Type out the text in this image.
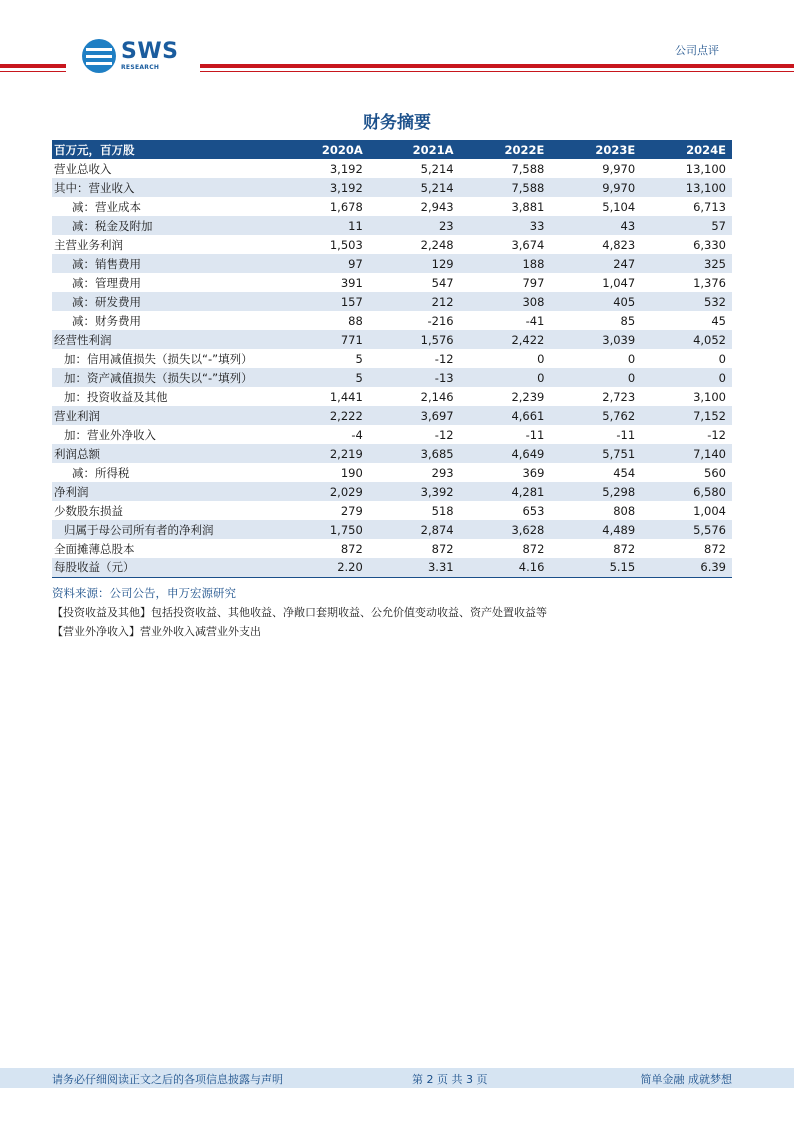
SWS
RESEARCH
公司点评
财务摘要
百万元，百万股	2020A	2021A	2022E	2023E	2024E
营业总收入	3,192	5,214	7,588	9,970	13,100
其中：营业收入	3,192	5,214	7,588	9,970	13,100
减：营业成本	1,678	2,943	3,881	5,104	6,713
减：税金及附加	11	23	33	43	57
主营业务利润	1,503	2,248	3,674	4,823	6,330
减：销售费用	97	129	188	247	325
减：管理费用	391	547	797	1,047	1,376
减：研发费用	157	212	308	405	532
减：财务费用	88	-216	-41	85	45
经营性利润	771	1,576	2,422	3,039	4,052
加：信用减值损失（损失以“-”填列）	5	-12	0	0	0
加：资产减值损失（损失以“-”填列）	5	-13	0	0	0
加：投资收益及其他	1,441	2,146	2,239	2,723	3,100
营业利润	2,222	3,697	4,661	5,762	7,152
加：营业外净收入	-4	-12	-11	-11	-12
利润总额	2,219	3,685	4,649	5,751	7,140
减：所得税	190	293	369	454	560
净利润	2,029	3,392	4,281	5,298	6,580
少数股东损益	279	518	653	808	1,004
归属于母公司所有者的净利润	1,750	2,874	3,628	4,489	5,576
全面摊薄总股本	872	872	872	872	872
每股收益（元）	2.20	3.31	4.16	5.15	6.39
资料来源：公司公告，申万宏源研究
【投资收益及其他】包括投资收益、其他收益、净敞口套期收益、公允价值变动收益、资产处置收益等
【营业外净收入】营业外收入减营业外支出
请务必仔细阅读正文之后的各项信息披露与声明	第 2 页 共 3 页	简单金融 成就梦想
